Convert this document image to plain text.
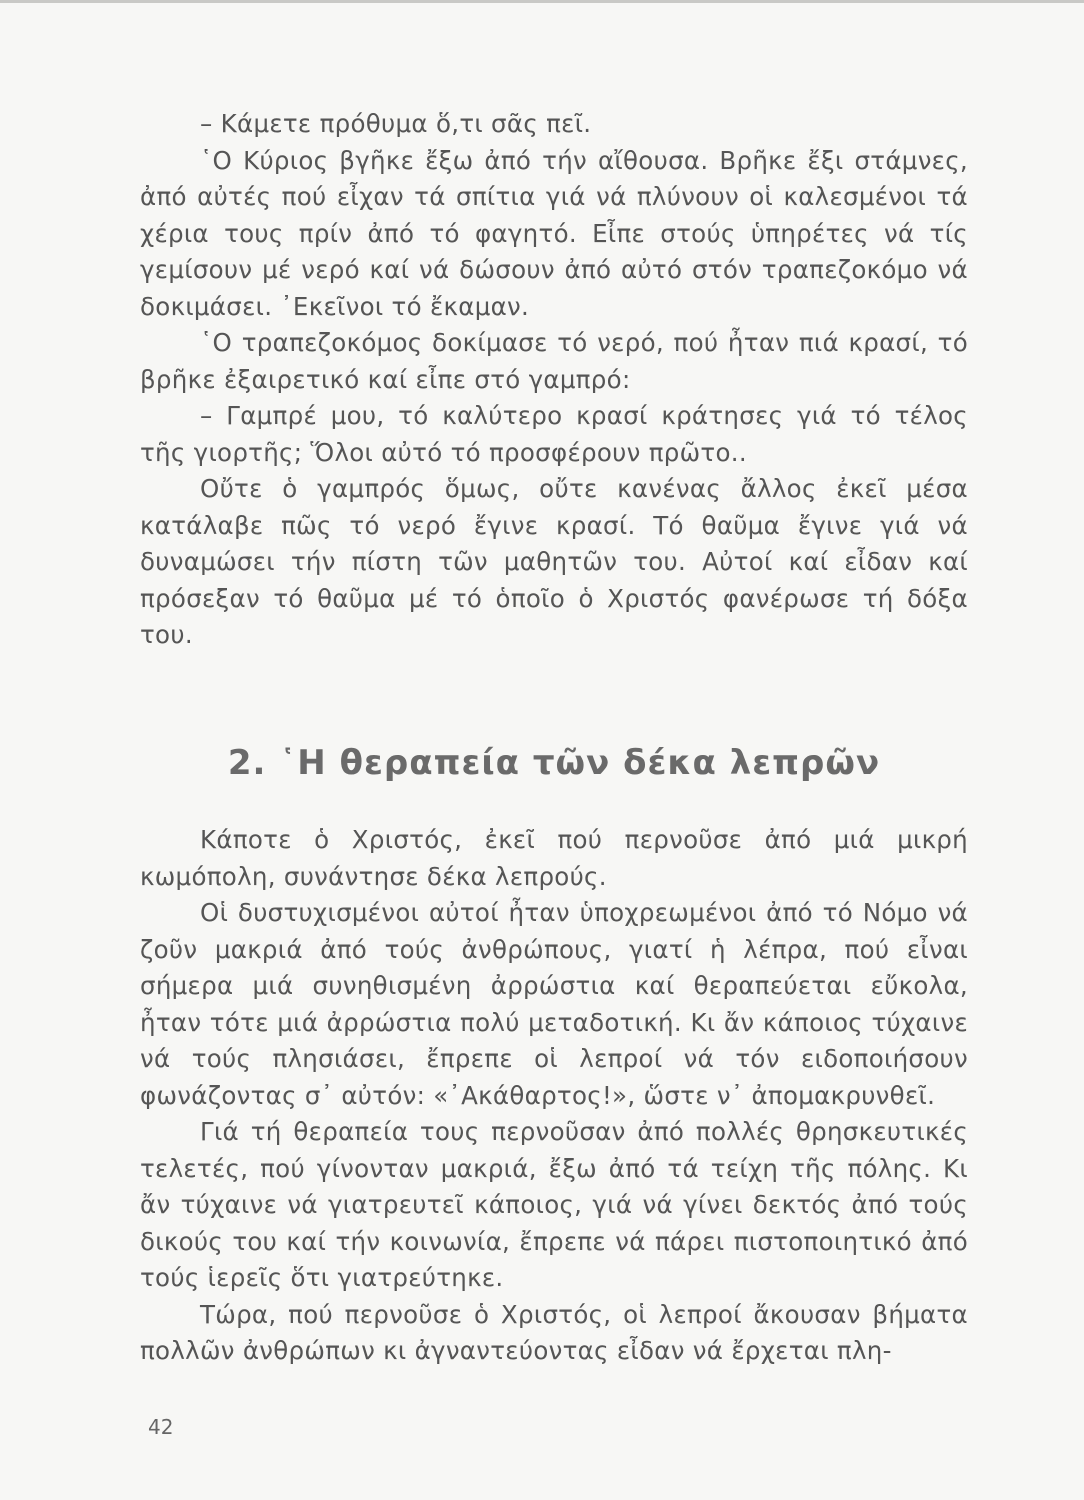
– Κάμετε πρόθυμα ὅ,τι σᾶς πεῖ.

῾Ο Κύριος βγῆκε ἔξω ἀπό τήν αἴθουσα. Βρῆκε ἔξι στάμνες, ἀπό αὐτές πού εἶχαν τά σπίτια γιά νά πλύνουν οἱ καλεσμένοι τά χέρια τους πρίν ἀπό τό φαγητό. Εἶπε στούς ὑπηρέτες νά τίς γεμίσουν μέ νερό καί νά δώσουν ἀπό αὐτό στόν τραπεζοκόμο νά δοκιμάσει. ᾿Εκεῖνοι τό ἔκαμαν.

῾Ο τραπεζοκόμος δοκίμασε τό νερό, πού ἦταν πιά κρασί, τό βρῆκε ἐξαιρετικό καί εἶπε στό γαμπρό:

– Γαμπρέ μου, τό καλύτερο κρασί κράτησες γιά τό τέλος τῆς γιορτῆς; Ὅλοι αὐτό τό προσφέρουν πρῶτο..

Οὔτε ὁ γαμπρός ὅμως, οὔτε κανένας ἄλλος ἐκεῖ μέσα κατάλαβε πῶς τό νερό ἔγινε κρασί. Τό θαῦμα ἔγινε γιά νά δυναμώσει τήν πίστη τῶν μαθητῶν του. Αὐτοί καί εἶδαν καί πρόσεξαν τό θαῦμα μέ τό ὁποῖο ὁ Χριστός φανέρωσε τή δόξα του.

2. ῾Η θεραπεία τῶν δέκα λεπρῶν

Κάποτε ὁ Χριστός, ἐκεῖ πού περνοῦσε ἀπό μιά μικρή κωμόπολη, συνάντησε δέκα λεπρούς.

Οἱ δυστυχισμένοι αὐτοί ἦταν ὑποχρεωμένοι ἀπό τό Νόμο νά ζοῦν μακριά ἀπό τούς ἀνθρώπους, γιατί ἡ λέπρα, πού εἶναι σήμερα μιά συνηθισμένη ἀρρώστια καί θεραπεύεται εὔκολα, ἦταν τότε μιά ἀρρώστια πολύ μεταδοτική. Κι ἄν κάποιος τύχαινε νά τούς πλησιάσει, ἔπρεπε οἱ λεπροί νά τόν ειδοποιήσουν φωνάζοντας σ᾿ αὐτόν: «᾿Ακάθαρτος!», ὥστε ν᾿ ἀπομακρυνθεῖ.

Γιά τή θεραπεία τους περνοῦσαν ἀπό πολλές θρησκευτικές τελετές, πού γίνονταν μακριά, ἔξω ἀπό τά τείχη τῆς πόλης. Κι ἄν τύχαινε νά γιατρευτεῖ κάποιος, γιά νά γίνει δεκτός ἀπό τούς δικούς του καί τήν κοινωνία, ἔπρεπε νά πάρει πιστοποιητικό ἀπό τούς ἱερεῖς ὅτι γιατρεύτηκε.

Τώρα, πού περνοῦσε ὁ Χριστός, οἱ λεπροί ἄκουσαν βήματα πολλῶν ἀνθρώπων κι ἀγναντεύοντας εἶδαν νά ἔρχεται πλη-

42
